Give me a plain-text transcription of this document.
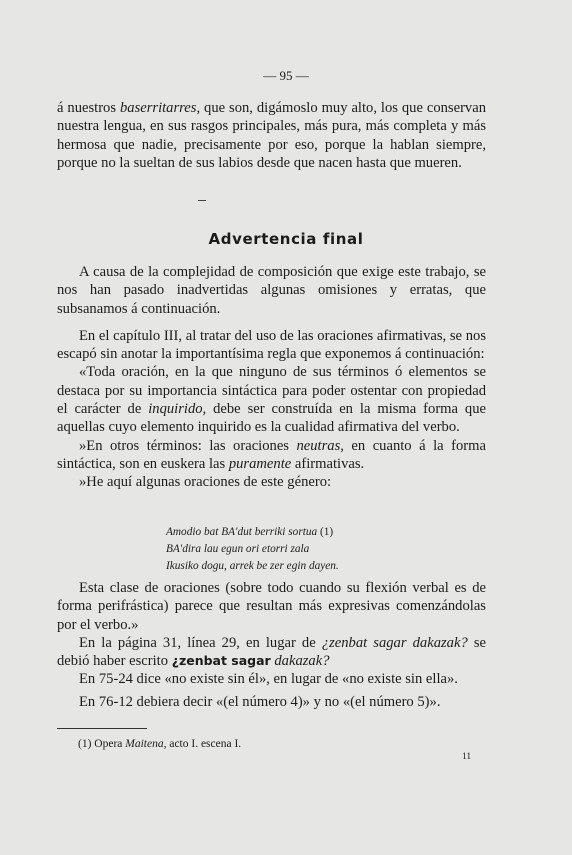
— 95 —

á nuestros baserritarres, que son, digámoslo muy alto, los que conservan nuestra lengua, en sus rasgos principales, más pura, más completa y más hermosa que nadie, precisamente por eso, porque la hablan siempre, porque no la sueltan de sus labios desde que nacen hasta que mueren.

Advertencia final

A causa de la complejidad de composición que exige este trabajo, se nos han pasado inadvertidas algunas omisiones y erratas, que subsanamos á continuación.

En el capítulo III, al tratar del uso de las oraciones afirmativas, se nos escapó sin anotar la importantísima regla que exponemos á continuación:

«Toda oración, en la que ninguno de sus términos ó elementos se destaca por su importancia sintáctica para poder ostentar con propiedad el carácter de inquirido, debe ser construída en la misma forma que aquellas cuyo elemento inquirido es la cualidad afirmativa del verbo.

»En otros términos: las oraciones neutras, en cuanto á la forma sintáctica, son en euskera las puramente afirmativas.

»He aquí algunas oraciones de este género:

Amodio bat BA'dut berriki sortua (1)
BA'dira lau egun ori etorri zala
Ikusiko dogu, arrek be zer egin dayen.

Esta clase de oraciones (sobre todo cuando su flexión verbal es de forma perifrástica) parece que resultan más expresivas comenzándolas por el verbo.»

En la página 31, línea 29, en lugar de ¿zenbat sagar dakazak? se debió haber escrito ¿zenbat sagar dakazak?

En 75-24 dice «no existe sin él», en lugar de «no existe sin ella».

En 76-12 debiera decir «(el número 4)» y no «(el número 5)».

(1) Opera Maitena, acto I. escena I.
11
